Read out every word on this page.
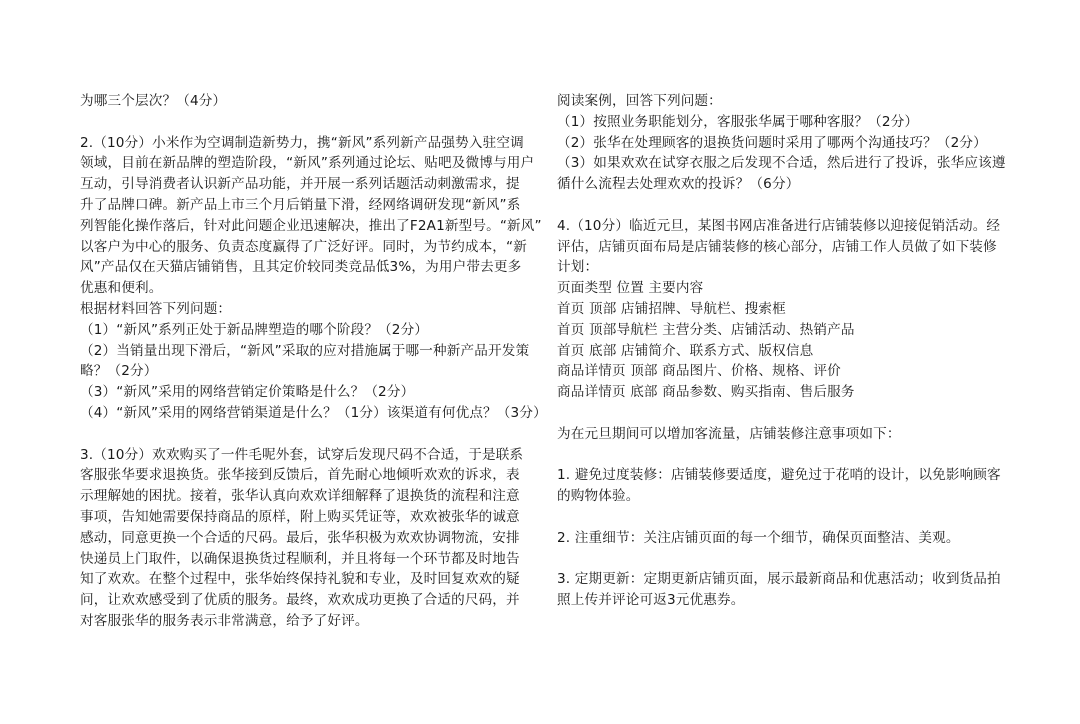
为哪三个层次？（4分）
2.（10分）小米作为空调制造新势力，携“新风”系列新产品强势入驻空调
领域，目前在新品牌的塑造阶段，“新风”系列通过论坛、贴吧及微博与用户
互动，引导消费者认识新产品功能，并开展一系列话题活动刺激需求，提
升了品牌口碑。新产品上市三个月后销量下滑，经网络调研发现“新风”系
列智能化操作落后，针对此问题企业迅速解决，推出了F2A1新型号。“新风”
以客户为中心的服务、负责态度赢得了广泛好评。同时，为节约成本，“新
风”产品仅在天猫店铺销售，且其定价较同类竞品低3%，为用户带去更多
优惠和便利。
根据材料回答下列问题：
（1）“新风”系列正处于新品牌塑造的哪个阶段？（2分）
（2）当销量出现下滑后，“新风”采取的应对措施属于哪一种新产品开发策
略？（2分）
（3）“新风”采用的网络营销定价策略是什么？（2分）
（4）“新风”采用的网络营销渠道是什么？（1分）该渠道有何优点？（3分）
3.（10分）欢欢购买了一件毛呢外套，试穿后发现尺码不合适，于是联系
客服张华要求退换货。张华接到反馈后，首先耐心地倾听欢欢的诉求，表
示理解她的困扰。接着，张华认真向欢欢详细解释了退换货的流程和注意
事项，告知她需要保持商品的原样，附上购买凭证等，欢欢被张华的诚意
感动，同意更换一个合适的尺码。最后，张华积极为欢欢协调物流，安排
快递员上门取件，以确保退换货过程顺利，并且将每一个环节都及时地告
知了欢欢。在整个过程中，张华始终保持礼貌和专业，及时回复欢欢的疑
问，让欢欢感受到了优质的服务。最终，欢欢成功更换了合适的尺码，并
对客服张华的服务表示非常满意，给予了好评。
阅读案例，回答下列问题：
（1）按照业务职能划分，客服张华属于哪种客服？（2分）
（2）张华在处理顾客的退换货问题时采用了哪两个沟通技巧？（2分）
（3）如果欢欢在试穿衣服之后发现不合适，然后进行了投诉，张华应该遵
循什么流程去处理欢欢的投诉？（6分）
4.（10分）临近元旦，某图书网店准备进行店铺装修以迎接促销活动。经
评估，店铺页面布局是店铺装修的核心部分，店铺工作人员做了如下装修
计划：
页面类型 位置 主要内容
首页 顶部 店铺招牌、导航栏、搜索框
首页 顶部导航栏 主营分类、店铺活动、热销产品
首页 底部 店铺简介、联系方式、版权信息
商品详情页 顶部 商品图片、价格、规格、评价
商品详情页 底部 商品参数、购买指南、售后服务
为在元旦期间可以增加客流量，店铺装修注意事项如下：
1. 避免过度装修：店铺装修要适度，避免过于花哨的设计，以免影响顾客
的购物体验。
2. 注重细节：关注店铺页面的每一个细节，确保页面整洁、美观。
3. 定期更新：定期更新店铺页面，展示最新商品和优惠活动；收到货品拍
照上传并评论可返3元优惠券。
